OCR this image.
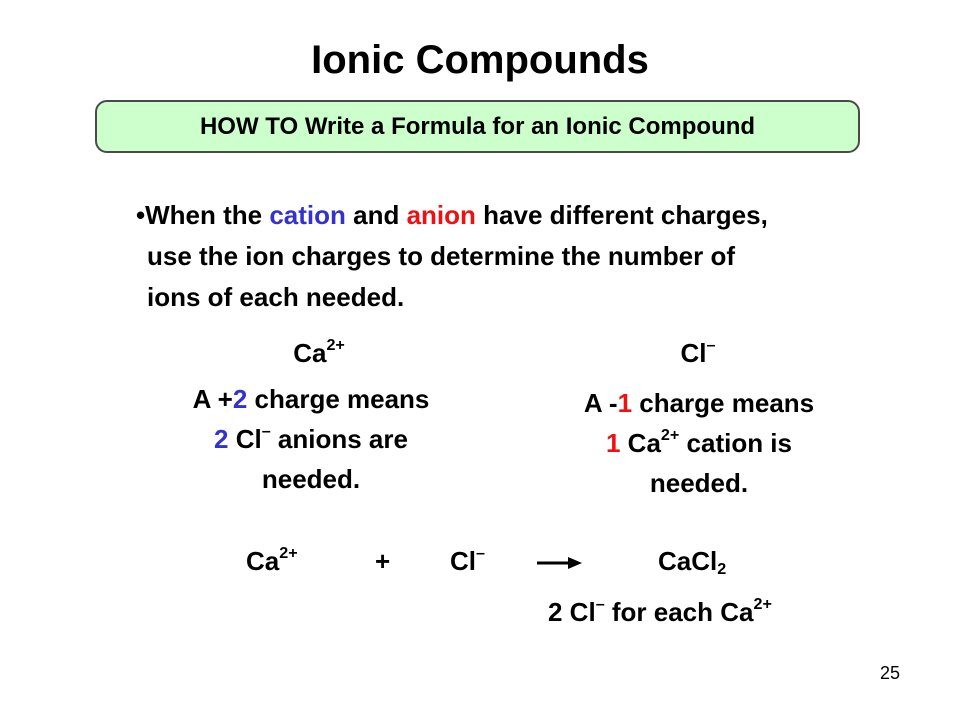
Ionic Compounds
HOW TO Write a Formula for an Ionic Compound
•When the cation and anion have different charges,
use the ion charges to determine the number of
ions of each needed.
$Ca^{2+}$	Cl–
A +2 charge means
2 Cl– anions are
needed.
A -1 charge means
1 $Ca^{2+}$ cation is
needed.
$Ca^{2+}$	+ Cl–	CaCl$_2$
2 Cl– for each $Ca^{2+}$
25
